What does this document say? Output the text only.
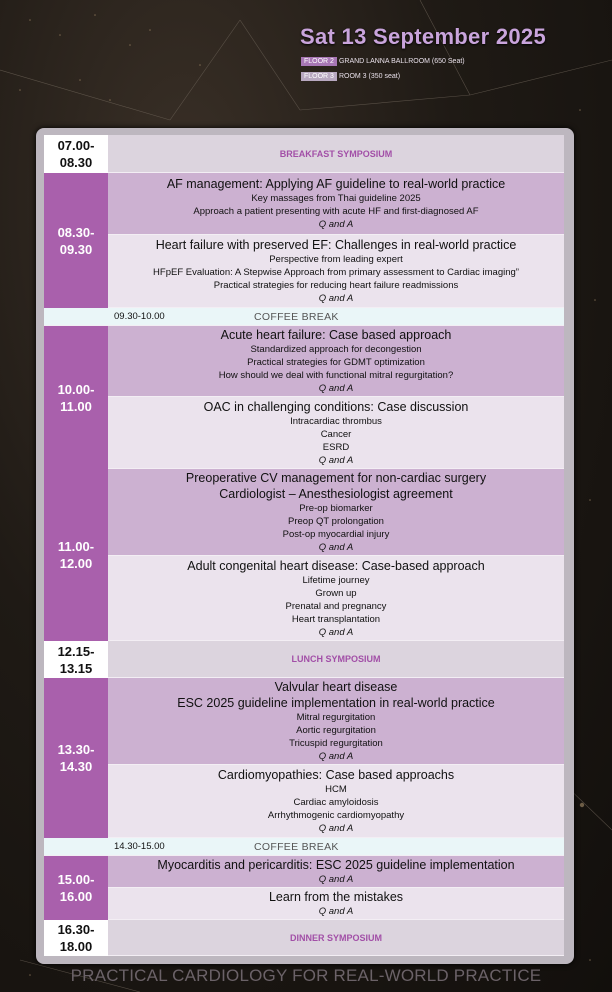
Sat 13 September 2025
FLOOR 2 GRAND LANNA BALLROOM (650 Seat)
FLOOR 3 ROOM 3 (350 seat)
07.00-
08.30
BREAKFAST SYMPOSIUM
08.30-
09.30
AF management: Applying AF guideline to real-world practice
Key massages from Thai guideline 2025
Approach a patient presenting with acute HF and first-diagnosed AF
Q and A
Heart failure with preserved EF: Challenges in real-world practice
Perspective from leading expert
HFpEF Evaluation: A Stepwise Approach from primary assessment to Cardiac imaging”
Practical strategies for reducing heart failure readmissions
Q and A
09.30-10.00	COFFEE BREAK
10.00-
11.00
Acute heart failure: Case based approach
Standardized approach for decongestion
Practical strategies for GDMT optimization
How should we deal with functional mitral regurgitation?
Q and A
OAC in challenging conditions: Case discussion
Intracardiac thrombus
Cancer
ESRD
Q and A
11.00-
12.00
Preoperative CV management for non-cardiac surgery
Cardiologist – Anesthesiologist agreement
Pre-op biomarker
Preop QT prolongation
Post-op myocardial injury
Q and A
Adult congenital heart disease: Case-based approach
Lifetime journey
Grown up
Prenatal and pregnancy
Heart transplantation
Q and A
12.15-
13.15
LUNCH SYMPOSIUM
13.30-
14.30
Valvular heart disease
ESC 2025 guideline implementation in real-world practice
Mitral regurgitation
Aortic regurgitation
Tricuspid regurgitation
Q and A
Cardiomyopathies: Case based approachs
HCM
Cardiac amyloidosis
Arrhythmogenic cardiomyopathy
Q and A
14.30-15.00	COFFEE BREAK
15.00-
16.00
Myocarditis and pericarditis: ESC 2025 guideline implementation
Q and A
Learn from the mistakes
Q and A
16.30-
18.00
DINNER SYMPOSIUM
PRACTICAL CARDIOLOGY FOR REAL-WORLD PRACTICE
